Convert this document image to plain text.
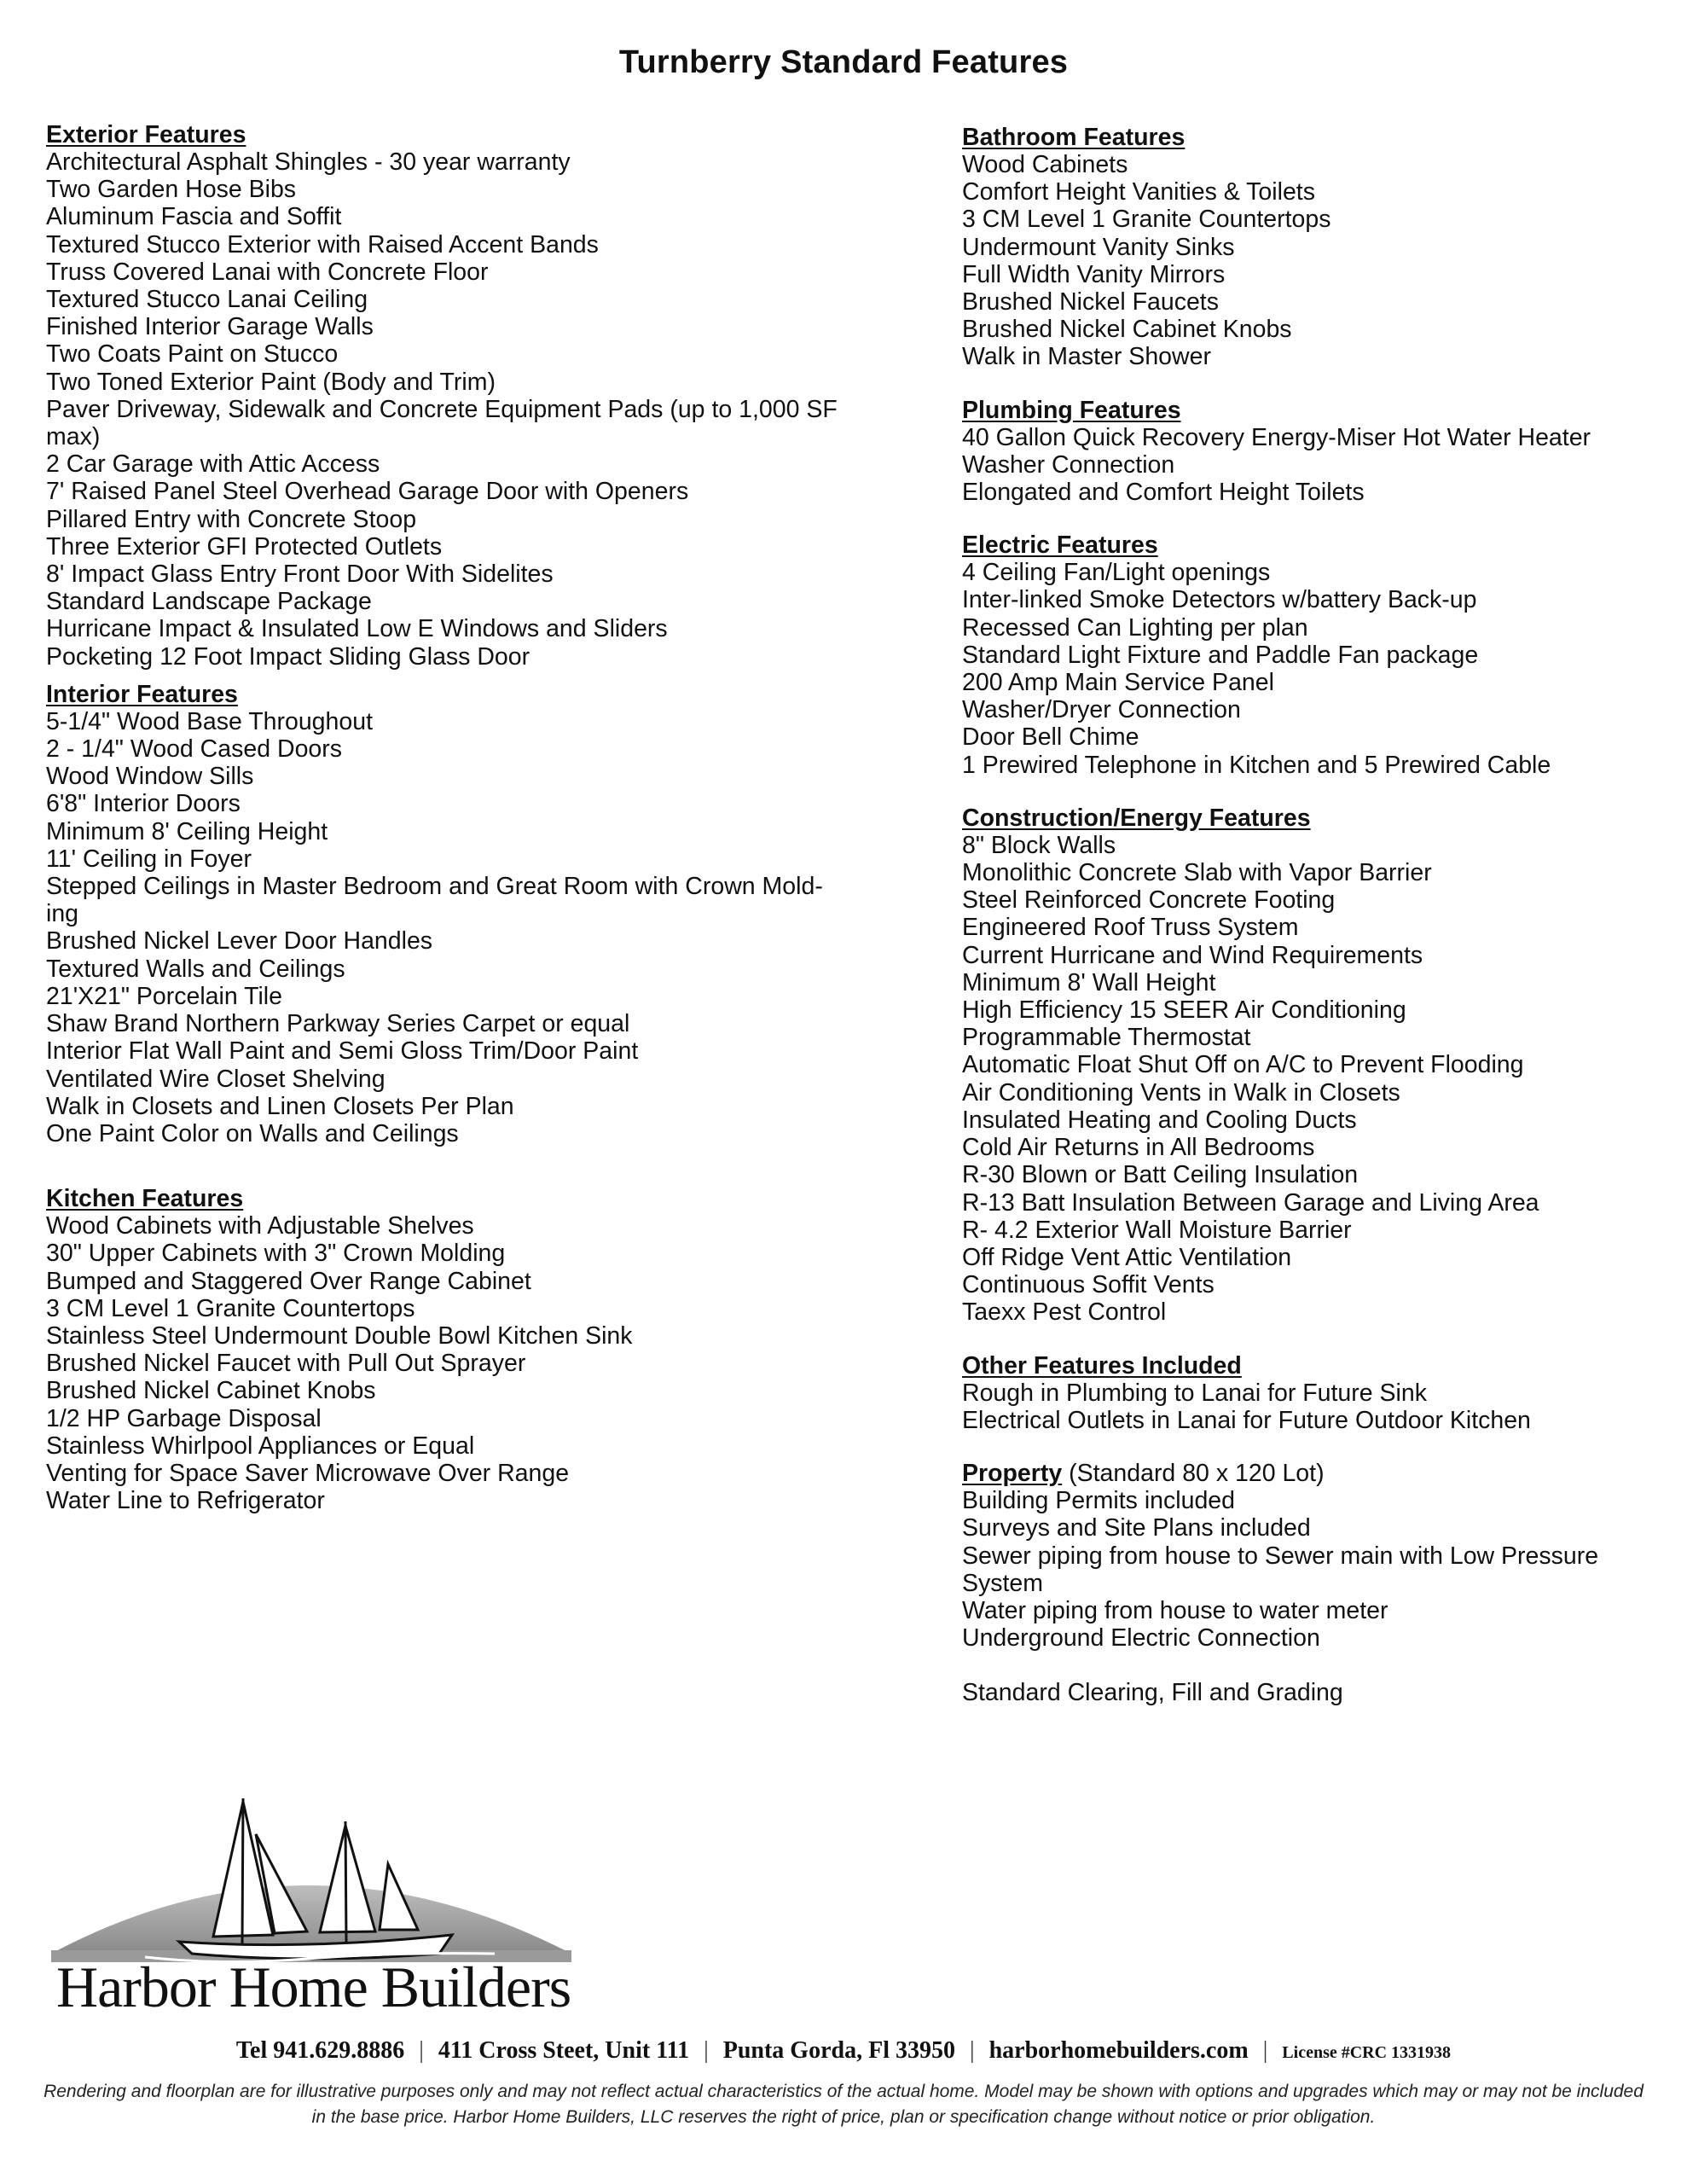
Turnberry Standard Features
Exterior Features
Architectural Asphalt Shingles - 30 year warranty
Two Garden Hose Bibs
Aluminum Fascia and Soffit
Textured Stucco Exterior with Raised Accent Bands
Truss Covered Lanai with Concrete Floor
Textured Stucco Lanai Ceiling
Finished Interior Garage Walls
Two Coats Paint on Stucco
Two Toned Exterior Paint (Body and Trim)
Paver Driveway, Sidewalk and Concrete Equipment Pads (up to 1,000 SF
max)
2 Car Garage with Attic Access
7' Raised Panel Steel Overhead Garage Door with Openers
Pillared Entry with Concrete Stoop
Three Exterior GFI Protected Outlets
8' Impact Glass Entry Front Door With Sidelites
Standard Landscape Package
Hurricane Impact & Insulated Low E Windows and Sliders
Pocketing 12 Foot Impact Sliding Glass Door
Interior Features
5-1/4" Wood Base Throughout
2 - 1/4" Wood Cased Doors
Wood Window Sills
6'8" Interior Doors
Minimum 8' Ceiling Height
11' Ceiling in Foyer
Stepped Ceilings in Master Bedroom and Great Room with Crown Mold-
ing
Brushed Nickel Lever Door Handles
Textured Walls and Ceilings
21'X21" Porcelain Tile
Shaw Brand Northern Parkway Series Carpet or equal
Interior Flat Wall Paint and Semi Gloss Trim/Door Paint
Ventilated Wire Closet Shelving
Walk in Closets and Linen Closets Per Plan
One Paint Color on Walls and Ceilings
Kitchen Features
Wood Cabinets with Adjustable Shelves
30" Upper Cabinets with 3" Crown Molding
Bumped and Staggered Over Range Cabinet
3 CM Level 1 Granite Countertops
Stainless Steel Undermount Double Bowl Kitchen Sink
Brushed Nickel Faucet with Pull Out Sprayer
Brushed Nickel Cabinet Knobs
1/2 HP Garbage Disposal
Stainless Whirlpool Appliances or Equal
Venting for Space Saver Microwave Over Range
Water Line to Refrigerator
Bathroom Features
Wood Cabinets
Comfort Height Vanities & Toilets
3 CM Level 1 Granite Countertops
Undermount Vanity Sinks
Full Width Vanity Mirrors
Brushed Nickel Faucets
Brushed Nickel Cabinet Knobs
Walk in Master Shower
Plumbing Features
40 Gallon Quick Recovery Energy-Miser Hot Water Heater
Washer Connection
Elongated and Comfort Height Toilets
Electric Features
4 Ceiling Fan/Light openings
Inter-linked Smoke Detectors w/battery Back-up
Recessed Can Lighting per plan
Standard Light Fixture and Paddle Fan package
200 Amp Main Service Panel
Washer/Dryer Connection
Door Bell Chime
1 Prewired Telephone in Kitchen and 5 Prewired Cable
Construction/Energy Features
8" Block Walls
Monolithic Concrete Slab with Vapor Barrier
Steel Reinforced Concrete Footing
Engineered Roof Truss System
Current Hurricane and Wind Requirements
Minimum 8' Wall Height
High Efficiency 15 SEER Air Conditioning
Programmable Thermostat
Automatic Float Shut Off on A/C to Prevent Flooding
Air Conditioning Vents in Walk in Closets
Insulated Heating and Cooling Ducts
Cold Air Returns in All Bedrooms
R-30 Blown or Batt Ceiling Insulation
R-13 Batt Insulation Between Garage and Living Area
R- 4.2 Exterior Wall Moisture Barrier
Off Ridge Vent Attic Ventilation
Continuous Soffit Vents
Taexx Pest Control
Other Features Included
Rough in Plumbing to Lanai for Future Sink
Electrical Outlets in Lanai for Future Outdoor Kitchen
Property (Standard 80 x 120 Lot)
Building Permits included
Surveys and Site Plans included
Sewer piping from house to Sewer main with Low Pressure
System
Water piping from house to water meter
Underground Electric Connection
Standard Clearing, Fill and Grading
Harbor Home Builders
Tel 941.629.8886 | 411 Cross Steet, Unit 111 | Punta Gorda, Fl 33950 | harborhomebuilders.com | License #CRC 1331938
Rendering and floorplan are for illustrative purposes only and may not reflect actual characteristics of the actual home. Model may be shown with options and upgrades which may or may not be included in the base price. Harbor Home Builders, LLC reserves the right of price, plan or specification change without notice or prior obligation.
